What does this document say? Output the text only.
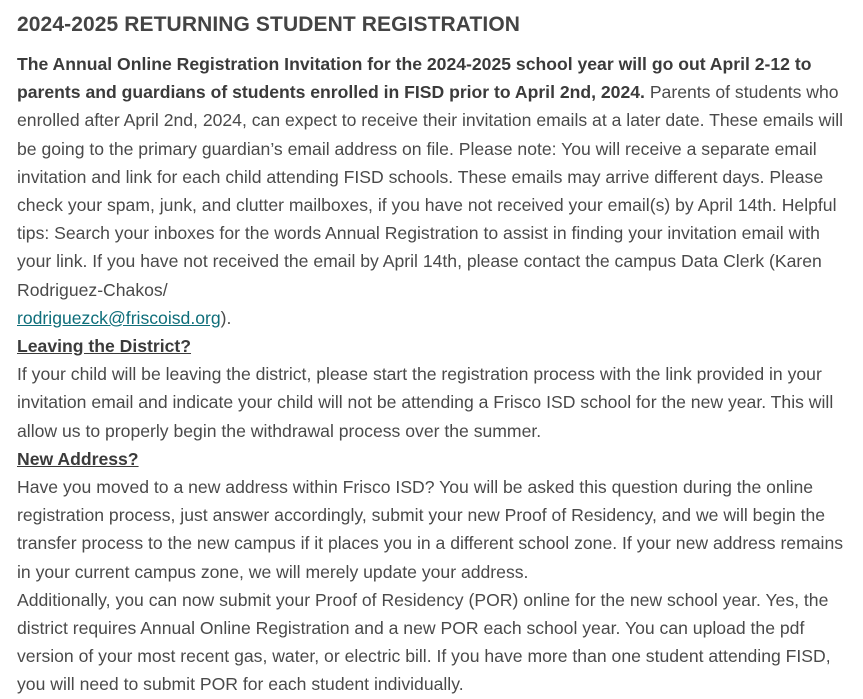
2024-2025 RETURNING STUDENT REGISTRATION

The Annual Online Registration Invitation for the 2024-2025 school year will go out April 2-12 to parents and guardians of students enrolled in FISD prior to April 2nd, 2024. Parents of students who enrolled after April 2nd, 2024, can expect to receive their invitation emails at a later date. These emails will be going to the primary guardian’s email address on file. Please note: You will receive a separate email invitation and link for each child attending FISD schools. These emails may arrive different days. Please check your spam, junk, and clutter mailboxes, if you have not received your email(s) by April 14th. Helpful tips: Search your inboxes for the words Annual Registration to assist in finding your invitation email with your link. If you have not received the email by April 14th, please contact the campus Data Clerk (Karen Rodriguez-Chakos/
rodriguezck@friscoisd.org).

Leaving the District?

If your child will be leaving the district, please start the registration process with the link provided in your invitation email and indicate your child will not be attending a Frisco ISD school for the new year. This will allow us to properly begin the withdrawal process over the summer.

New Address?

Have you moved to a new address within Frisco ISD? You will be asked this question during the online registration process, just answer accordingly, submit your new Proof of Residency, and we will begin the transfer process to the new campus if it places you in a different school zone. If your new address remains in your current campus zone, we will merely update your address.

Additionally, you can now submit your Proof of Residency (POR) online for the new school year. Yes, the district requires Annual Online Registration and a new POR each school year. You can upload the pdf version of your most recent gas, water, or electric bill. If you have more than one student attending FISD, you will need to submit POR for each student individually.
